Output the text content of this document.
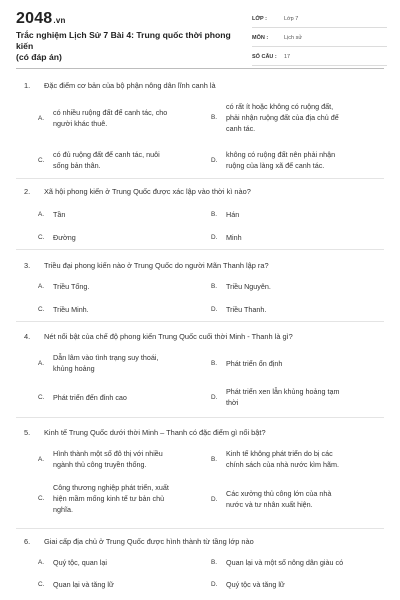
2048.vn
Trắc nghiệm Lịch Sử 7 Bài 4: Trung quốc thời phong kiến
(có đáp án)
LỚP :	Lớp 7
MÔN :	Lịch sử
SỐ CÂU : 17
1. Đặc điểm cơ bản của bộ phận nông dân lĩnh canh là
A.
có nhiều ruộng đất để canh tác, cho
người khác thuê.
B.
có rất ít hoặc không có ruộng đất,
phải nhận ruộng đất của địa chủ để
canh tác.
C.
có đủ ruộng đất để canh tác, nuôi
sống bản thân.
D.
không có ruộng đất nên phải nhận
ruộng của làng xã để canh tác.
2. Xã hội phong kiến ở Trung Quốc được xác lập vào thời kì nào?
A. Tần	B. Hán
C. Đường	D. Minh
3. Triều đại phong kiến nào ở Trung Quốc do người Mãn Thanh lập ra?
A. Triều Tống.	B. Triều Nguyên.
C. Triều Minh.	D. Triều Thanh.
4. Nét nổi bật của chế độ phong kiến Trung Quốc cuối thời Minh - Thanh là gì?
A.
Dẫn lâm vào tình trạng suy thoái,
khủng hoảng
B. Phát triển ổn định
C. Phát triển đến đỉnh cao	D.
Phát triển xen lẫn khủng hoảng tạm
thời
5. Kinh tế Trung Quốc dưới thời Minh – Thanh có đặc điểm gì nổi bật?
A.
Hình thành một số đô thị với nhiều
ngành thủ công truyền thống.
B.
Kinh tế không phát triển do bị các
chính sách của nhà nước kìm hãm.
C.
Công thương nghiệp phát triển, xuất
hiện mầm mống kinh tế tư bản chủ
nghĩa.
D.
Các xưởng thủ công lớn của nhà
nước và tư nhân xuất hiện.
6. Giai cấp địa chủ ở Trung Quốc được hình thành từ tầng lớp nào
A. Quý tộc, quan lại	B. Quan lại và một số nông dân giàu có
C. Quan lại và tăng lữ	D. Quý tộc và tăng lữ
